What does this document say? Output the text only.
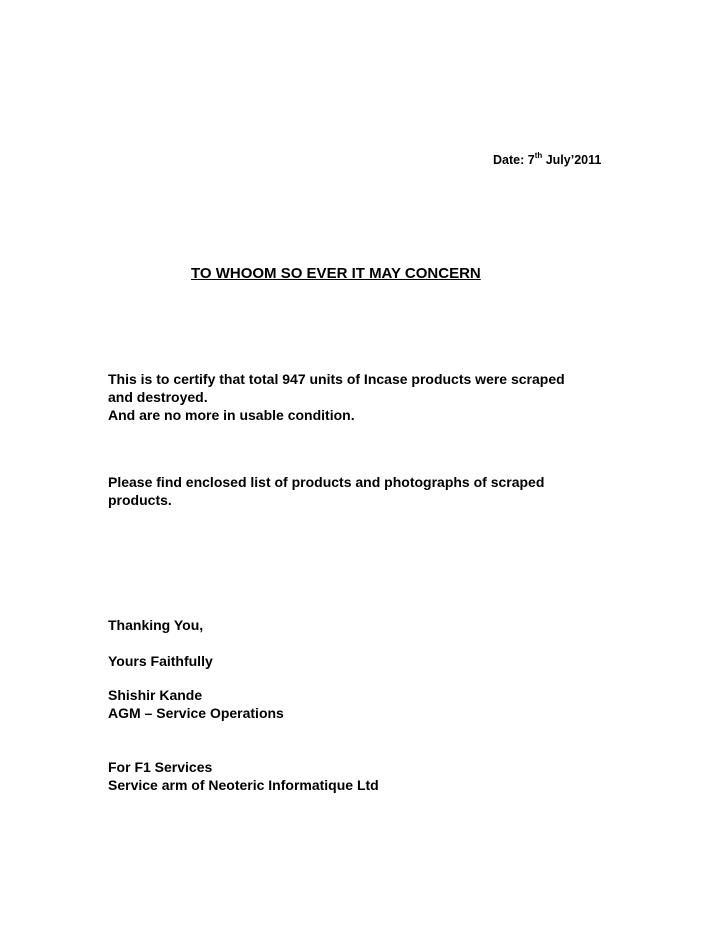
Date: 7th July’2011
TO WHOOM SO EVER IT MAY CONCERN
This is to certify that total 947 units of Incase products were scraped
and destroyed.
And are no more in usable condition.
Please find enclosed list of products and photographs of scraped
products.
Thanking You,
Yours Faithfully
Shishir Kande
AGM – Service Operations
For F1 Services
Service arm of Neoteric Informatique Ltd
